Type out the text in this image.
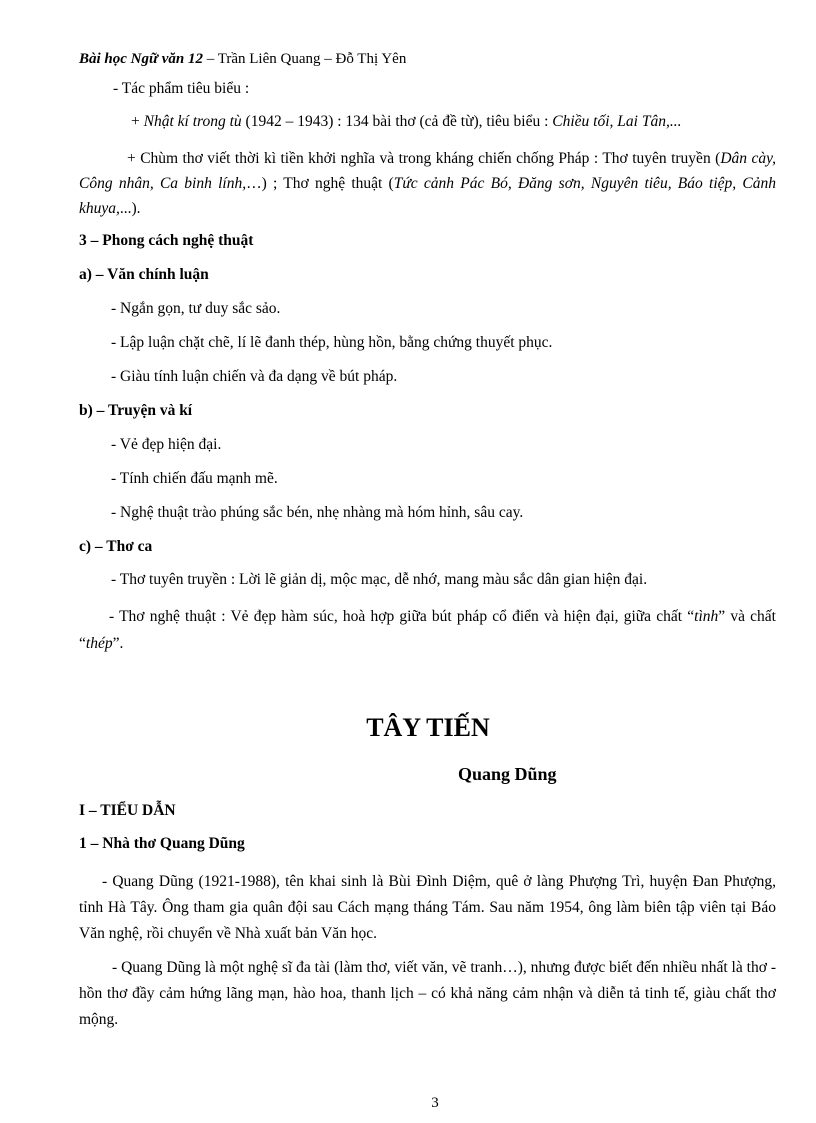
Bài học Ngữ văn 12 – Trần Liên Quang – Đỗ Thị Yên
- Tác phẩm tiêu biểu :
+ Nhật kí trong tù (1942 – 1943) : 134 bài thơ (cả đề từ), tiêu biểu : Chiều tối, Lai Tân,...
+ Chùm thơ viết thời kì tiền khởi nghĩa và trong kháng chiến chống Pháp : Thơ tuyên truyền (Dân cày, Công nhân, Ca binh lính,…) ; Thơ nghệ thuật (Tức cảnh Pác Bó, Đăng sơn, Nguyên tiêu, Báo tiệp, Cảnh khuya,...).
3 – Phong cách nghệ thuật
a) – Văn chính luận
- Ngắn gọn, tư duy sắc sảo.
- Lập luận chặt chẽ, lí lẽ đanh thép, hùng hồn, bằng chứng thuyết phục.
- Giàu tính luận chiến và đa dạng về bút pháp.
b) – Truyện và kí
- Vẻ đẹp hiện đại.
- Tính chiến đấu mạnh mẽ.
- Nghệ thuật trào phúng sắc bén, nhẹ nhàng mà hóm hỉnh, sâu cay.
c) – Thơ ca
- Thơ tuyên truyền : Lời lẽ giản dị, mộc mạc, dễ nhớ, mang màu sắc dân gian hiện đại.
- Thơ nghệ thuật : Vẻ đẹp hàm súc, hoà hợp giữa bút pháp cổ điển và hiện đại, giữa chất “tình” và chất “thép”.
TÂY TIẾN
Quang Dũng
I – TIỂU DẪN
1 – Nhà thơ Quang Dũng
- Quang Dũng (1921-1988), tên khai sinh là Bùi Đình Diệm, quê ở làng Phượng Trì, huyện Đan Phượng, tỉnh Hà Tây. Ông tham gia quân đội sau Cách mạng tháng Tám. Sau năm 1954, ông làm biên tập viên tại Báo Văn nghệ, rồi chuyển về Nhà xuất bản Văn học.
- Quang Dũng là một nghệ sĩ đa tài (làm thơ, viết văn, vẽ tranh…), nhưng được biết đến nhiều nhất là thơ - hồn thơ đầy cảm hứng lãng mạn, hào hoa, thanh lịch – có khả năng cảm nhận và diễn tả tinh tế, giàu chất thơ mộng.
3
